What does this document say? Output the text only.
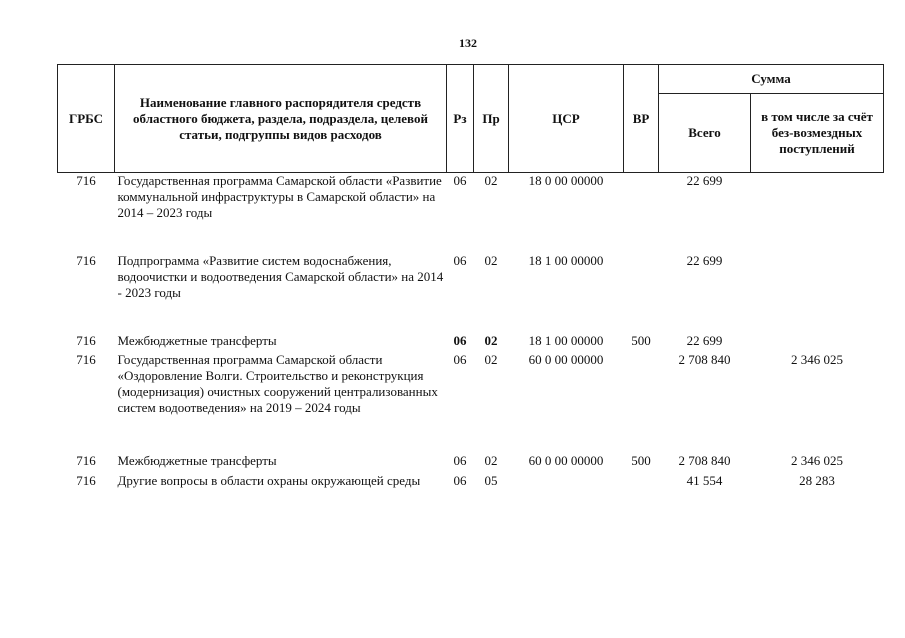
132
ГРБС	Наименование главного распорядителя средств областного бюджета, раздела, подраздела, целевой статьи, подгруппы видов расходов	Рз	Пр	ЦСР	ВР	Сумма	
						Всего	в том числе за счёт без-возмездных поступлений
716	Государственная программа Самарской области «Развитие коммунальной инфраструктуры в Самарской области» на 2014 – 2023 годы	06	02	18 0 00 00000		22 699	
716	Подпрограмма «Развитие систем водоснабжения, водоочистки и водоотведения Самарской области» на 2014 - 2023 годы	06	02	18 1 00 00000		22 699	
716	Межбюджетные трансферты	06	02	18 1 00 00000	500	22 699	
716	Государственная программа Самарской области «Оздоровление Волги. Строительство и реконструкция (модернизация) очистных сооружений централизованных систем водоотведения» на 2019 – 2024 годы	06	02	60 0 00 00000		2 708 840	2 346 025
716	Межбюджетные трансферты	06	02	60 0 00 00000	500	2 708 840	2 346 025
716	Другие вопросы в области охраны окружающей среды	06	05			41 554	28 283
